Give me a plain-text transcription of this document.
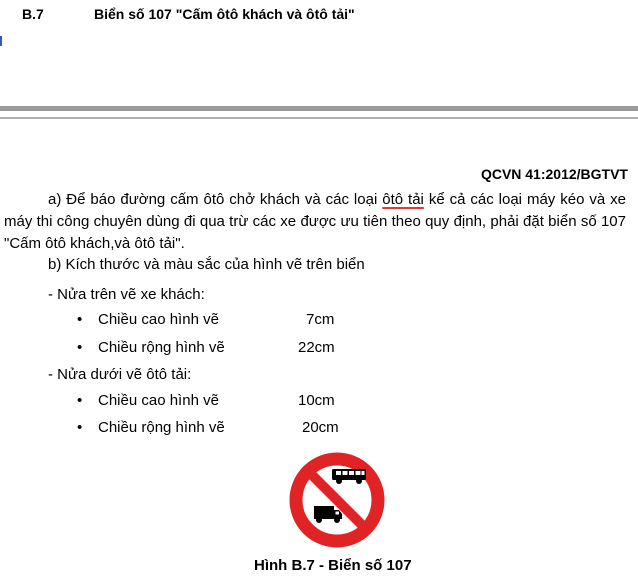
B.7	Biển số 107 "Cấm ôtô khách và ôtô tải"
QCVN 41:2012/BGTVT
a) Để báo đường cấm ôtô chở khách và các loại ôtô tải kể cả các loại máy kéo và xe máy thi công chuyên dùng đi qua trừ các xe được ưu tiên theo quy định, phải đặt biển số 107 "Cấm ôtô khách,và ôtô tải".
b) Kích thước và màu sắc của hình vẽ trên biển
- Nửa trên vẽ xe khách:
• Chiều cao hình vẽ	7cm
• Chiều rộng hình vẽ	22cm
- Nửa dưới vẽ ôtô tải:
• Chiều cao hình vẽ	10cm
• Chiều rộng hình vẽ	20cm
Hình B.7 - Biển số 107
